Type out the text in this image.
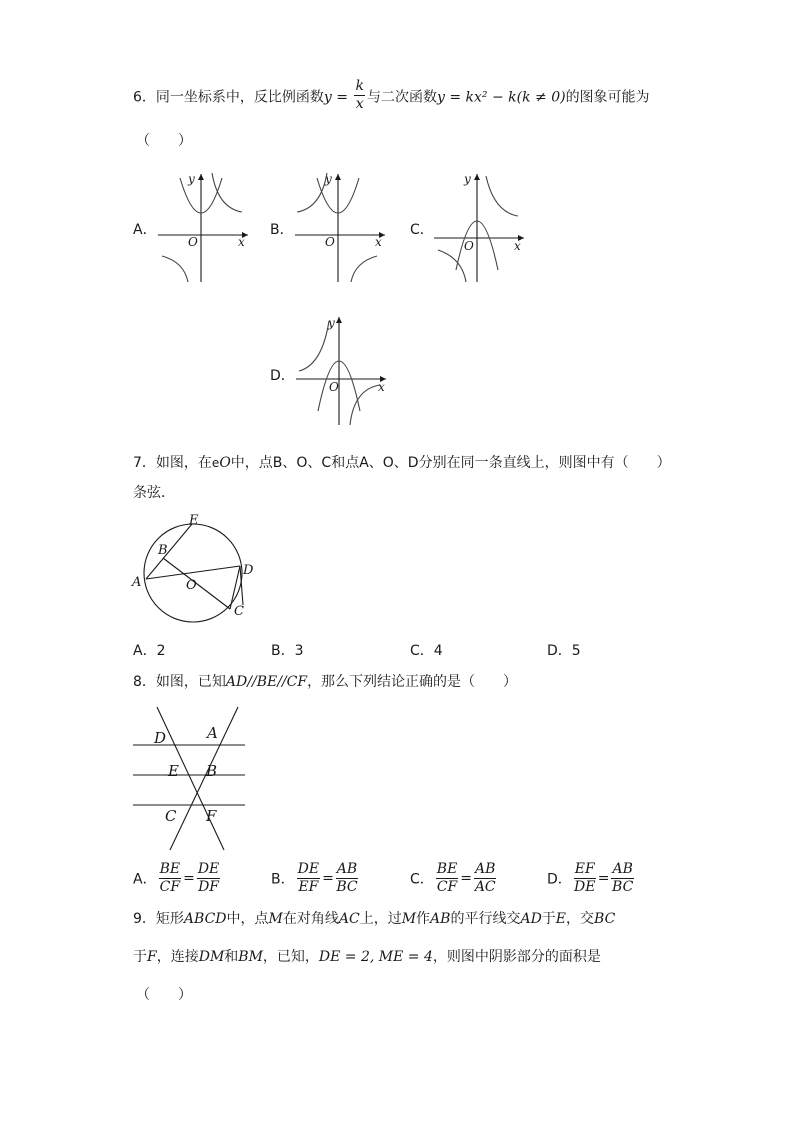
6．同一坐标系中，反比例函数$y = \frac{k}{x}$ 与二次函数y = kx² − k(k ≠ 0)的图象可能为
（　　）
A．
y
x
O
B．
y
x
O
C．
y
x
O
D．
y
x
O
7．如图，在eO中，点B、O、C和点A、O、D分别在同一条直线上，则图中有（　　）
条弦．
E
B
A	O
D
C
A．2	B．3	C．4	D．5
8．如图，已知AD//BE//CF，那么下列结论正确的是（　　）
D	A
E B
C F
A． $\frac{BE}{CF} = \frac{DE}{DF}$	B． $\frac{DE}{EF} = \frac{AB}{BC}$	C． $\frac{BE}{CF} = \frac{AB}{AC}$	D． $\frac{EF}{DE} = \frac{AB}{BC}$
9．矩形ABCD中，点M在对角线AC上，过M作AB的平行线交AD于E，交BC
于F，连接DM和BM，已知，DE = 2, ME = 4，则图中阴影部分的面积是
（　　）
